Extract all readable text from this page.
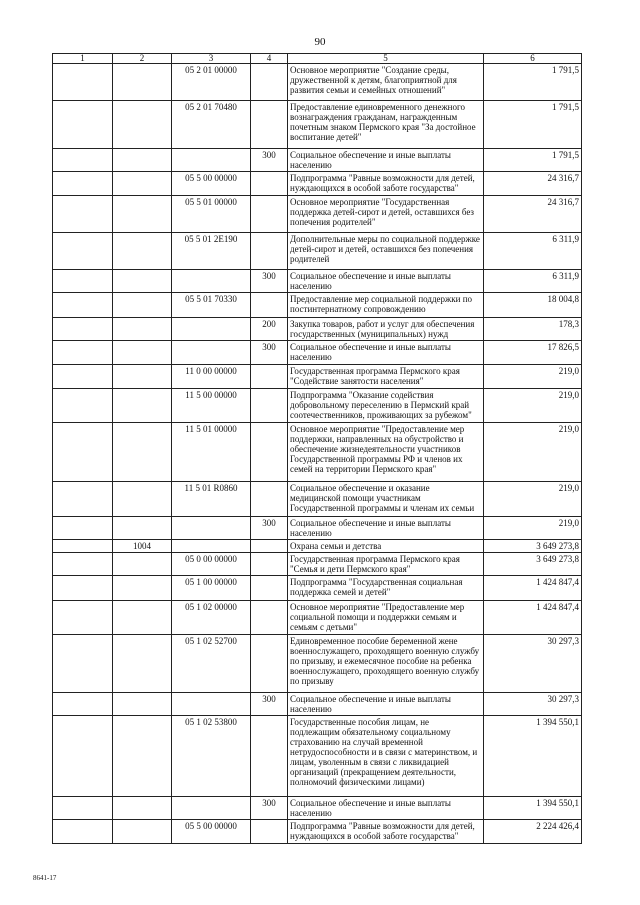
90
1	2	3	4	5	6
		05 2 01 00000		Основное мероприятие "Создание среды, дружественной к детям, благоприятной для развития семьи и семейных отношений"	1 791,5
		05 2 01 70480		Предоставление единовременного денежного вознаграждения гражданам, награжденным почетным знаком Пермского края "За достойное воспитание детей"	1 791,5
			300	Социальное обеспечение и иные выплаты населению	1 791,5
		05 5 00 00000		Подпрограмма "Равные возможности для детей, нуждающихся в особой заботе государства"	24 316,7
		05 5 01 00000		Основное мероприятие "Государственная поддержка детей-сирот и детей, оставшихся без попечения родителей"	24 316,7
		05 5 01 2Е190		Дополнительные меры по социальной поддержке детей-сирот и детей, оставшихся без попечения родителей	6 311,9
			300	Социальное обеспечение и иные выплаты населению	6 311,9
		05 5 01 70330		Предоставление мер социальной поддержки по постинтернатному сопровождению	18 004,8
			200	Закупка товаров, работ и услуг для обеспечения государственных (муниципальных) нужд	178,3
			300	Социальное обеспечение и иные выплаты населению	17 826,5
		11 0 00 00000		Государственная программа Пермского края "Содействие занятости населения"	219,0
		11 5 00 00000		Подпрограмма "Оказание содействия добровольному переселению в Пермский край соотечественников, проживающих за рубежом"	219,0
		11 5 01 00000		Основное мероприятие "Предоставление мер поддержки, направленных на обустройство и обеспечение жизнедеятельности участников Государственной программы РФ и членов их семей на территории Пермского края"	219,0
		11 5 01 R0860		Социальное обеспечение и оказание медицинской помощи участникам Государственной программы и членам их семьи	219,0
			300	Социальное обеспечение и иные выплаты населению	219,0
	1004			Охрана семьи и детства	3 649 273,8
		05 0 00 00000		Государственная программа Пермского края "Семья и дети Пермского края"	3 649 273,8
		05 1 00 00000		Подпрограмма "Государственная социальная поддержка семей и детей"	1 424 847,4
		05 1 02 00000		Основное мероприятие "Предоставление мер социальной помощи и поддержки семьям и семьям с детьми"	1 424 847,4
		05 1 02 52700		Единовременное пособие беременной жене военнослужащего, проходящего военную службу по призыву, и ежемесячное пособие на ребенка военнослужащего, проходящего военную службу по призыву	30 297,3
			300	Социальное обеспечение и иные выплаты населению	30 297,3
		05 1 02 53800		Государственные пособия лицам, не подлежащим обязательному социальному страхованию на случай временной нетрудоспособности и в связи с материнством, и лицам, уволенным в связи с ликвидацией организаций (прекращением деятельности, полномочий физическими лицами)	1 394 550,1
			300	Социальное обеспечение и иные выплаты населению	1 394 550,1
		05 5 00 00000		Подпрограмма "Равные возможности для детей, нуждающихся в особой заботе государства"	2 224 426,4
8641-17
